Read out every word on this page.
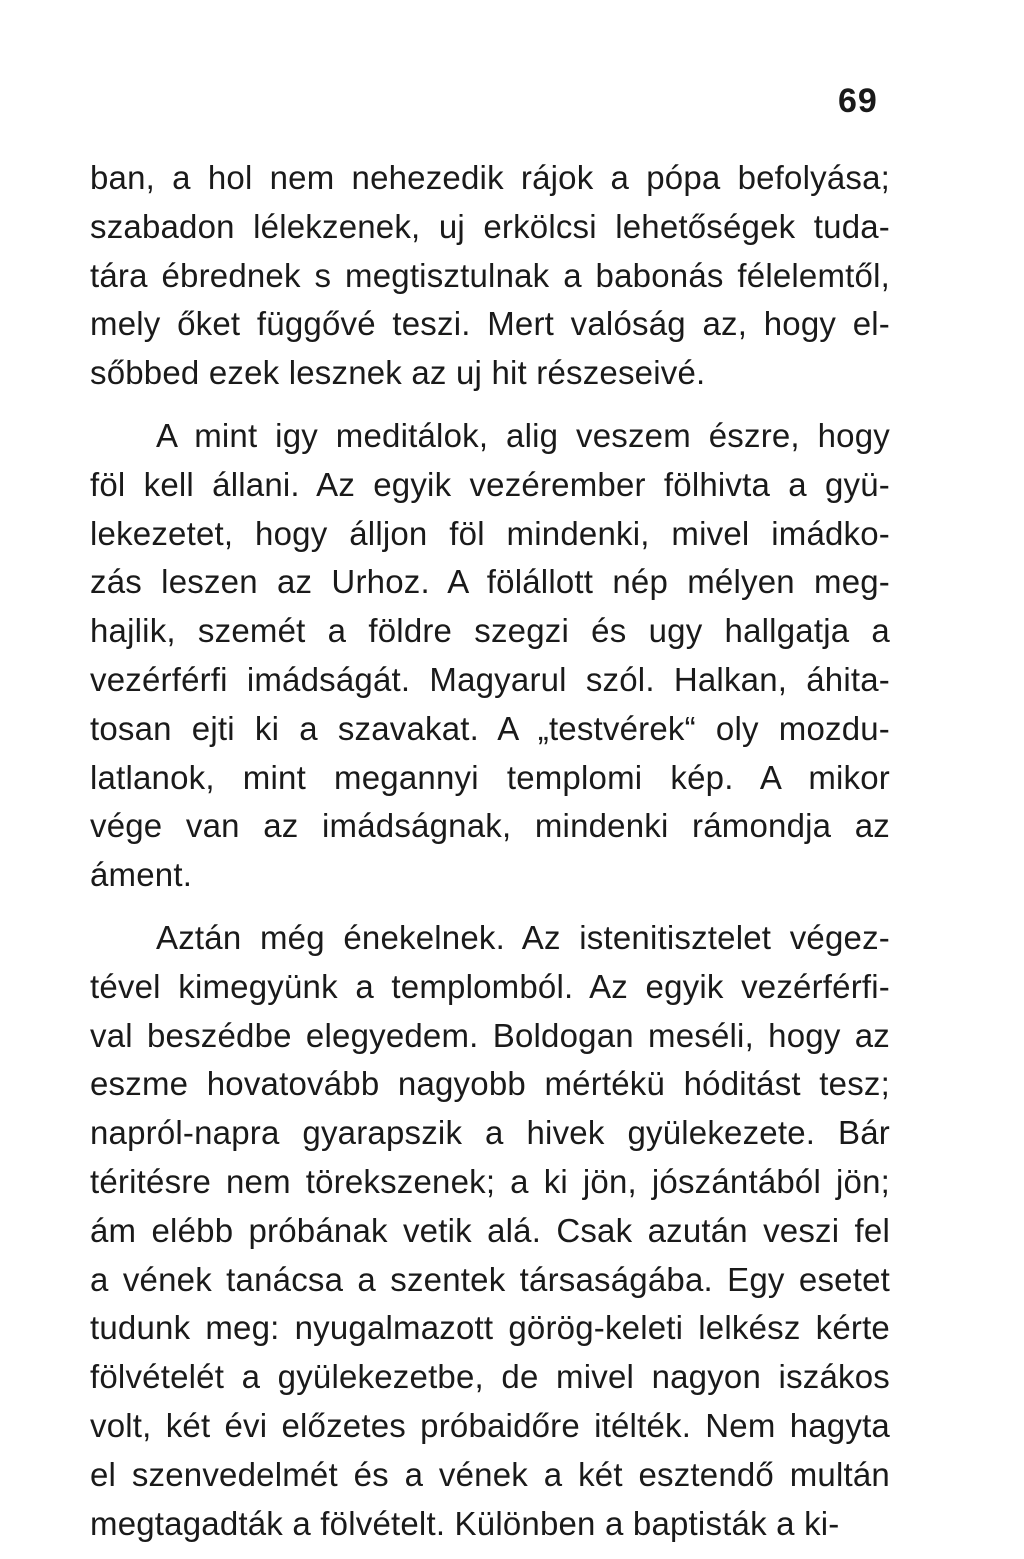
69
ban, a hol nem nehezedik rájok a pópa befolyása;
szabadon lélekzenek, uj erkölcsi lehetőségek tuda-
tára ébrednek s megtisztulnak a babonás félelemtől,
mely őket függővé teszi. Mert valóság az, hogy el-
sőbbed ezek lesznek az uj hit részeseivé.
A mint igy meditálok, alig veszem észre, hogy
föl kell állani. Az egyik vezérember fölhivta a gyü-
lekezetet, hogy álljon föl mindenki, mivel imádko-
zás leszen az Urhoz. A fölállott nép mélyen meg-
hajlik, szemét a földre szegzi és ugy hallgatja a
vezérférfi imádságát. Magyarul szól. Halkan, áhita-
tosan ejti ki a szavakat. A „testvérek“ oly mozdu-
latlanok, mint megannyi templomi kép. A mikor
vége van az imádságnak, mindenki rámondja az
áment.
Aztán még énekelnek. Az istenitisztelet végez-
tével kimegyünk a templomból. Az egyik vezérférfi-
val beszédbe elegyedem. Boldogan meséli, hogy az
eszme hovatovább nagyobb mértékü hóditást tesz;
napról-napra gyarapszik a hivek gyülekezete. Bár
téritésre nem törekszenek; a ki jön, jószántából jön;
ám elébb próbának vetik alá. Csak azután veszi fel
a vének tanácsa a szentek társaságába. Egy esetet
tudunk meg: nyugalmazott görög-keleti lelkész kérte
fölvételét a gyülekezetbe, de mivel nagyon iszákos
volt, két évi előzetes próbaidőre itélték. Nem hagyta
el szenvedelmét és a vének a két esztendő multán
megtagadták a fölvételt. Különben a baptisták a ki-
